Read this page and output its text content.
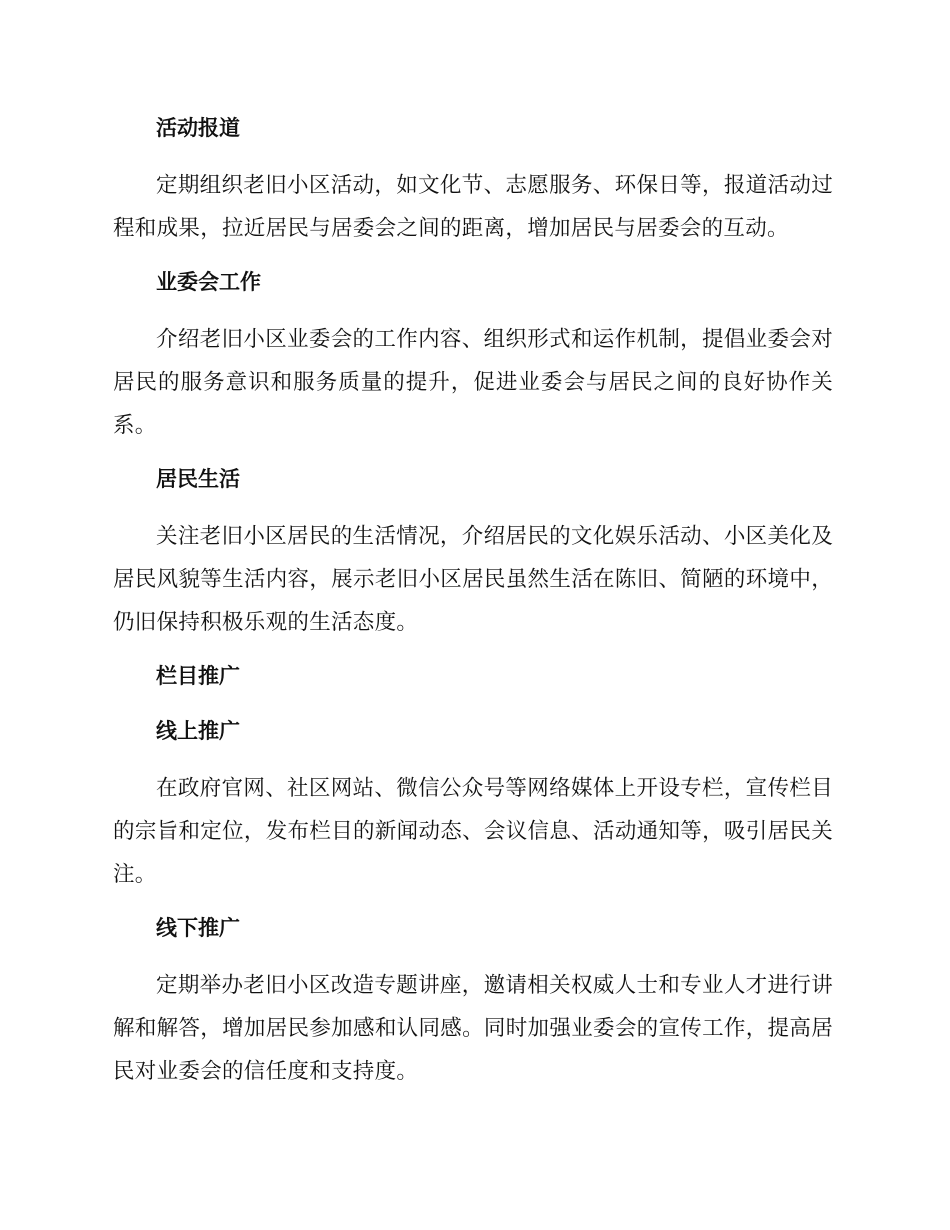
活动报道

定期组织老旧小区活动，如文化节、志愿服务、环保日等，报道活动过程和成果，拉近居民与居委会之间的距离，增加居民与居委会的互动。

业委会工作

介绍老旧小区业委会的工作内容、组织形式和运作机制，提倡业委会对居民的服务意识和服务质量的提升，促进业委会与居民之间的良好协作关系。

居民生活

关注老旧小区居民的生活情况，介绍居民的文化娱乐活动、小区美化及居民风貌等生活内容，展示老旧小区居民虽然生活在陈旧、简陋的环境中，仍旧保持积极乐观的生活态度。

栏目推广
线上推广

在政府官网、社区网站、微信公众号等网络媒体上开设专栏，宣传栏目的宗旨和定位，发布栏目的新闻动态、会议信息、活动通知等，吸引居民关注。

线下推广

定期举办老旧小区改造专题讲座，邀请相关权威人士和专业人才进行讲解和解答，增加居民参加感和认同感。同时加强业委会的宣传工作，提高居民对业委会的信任度和支持度。
